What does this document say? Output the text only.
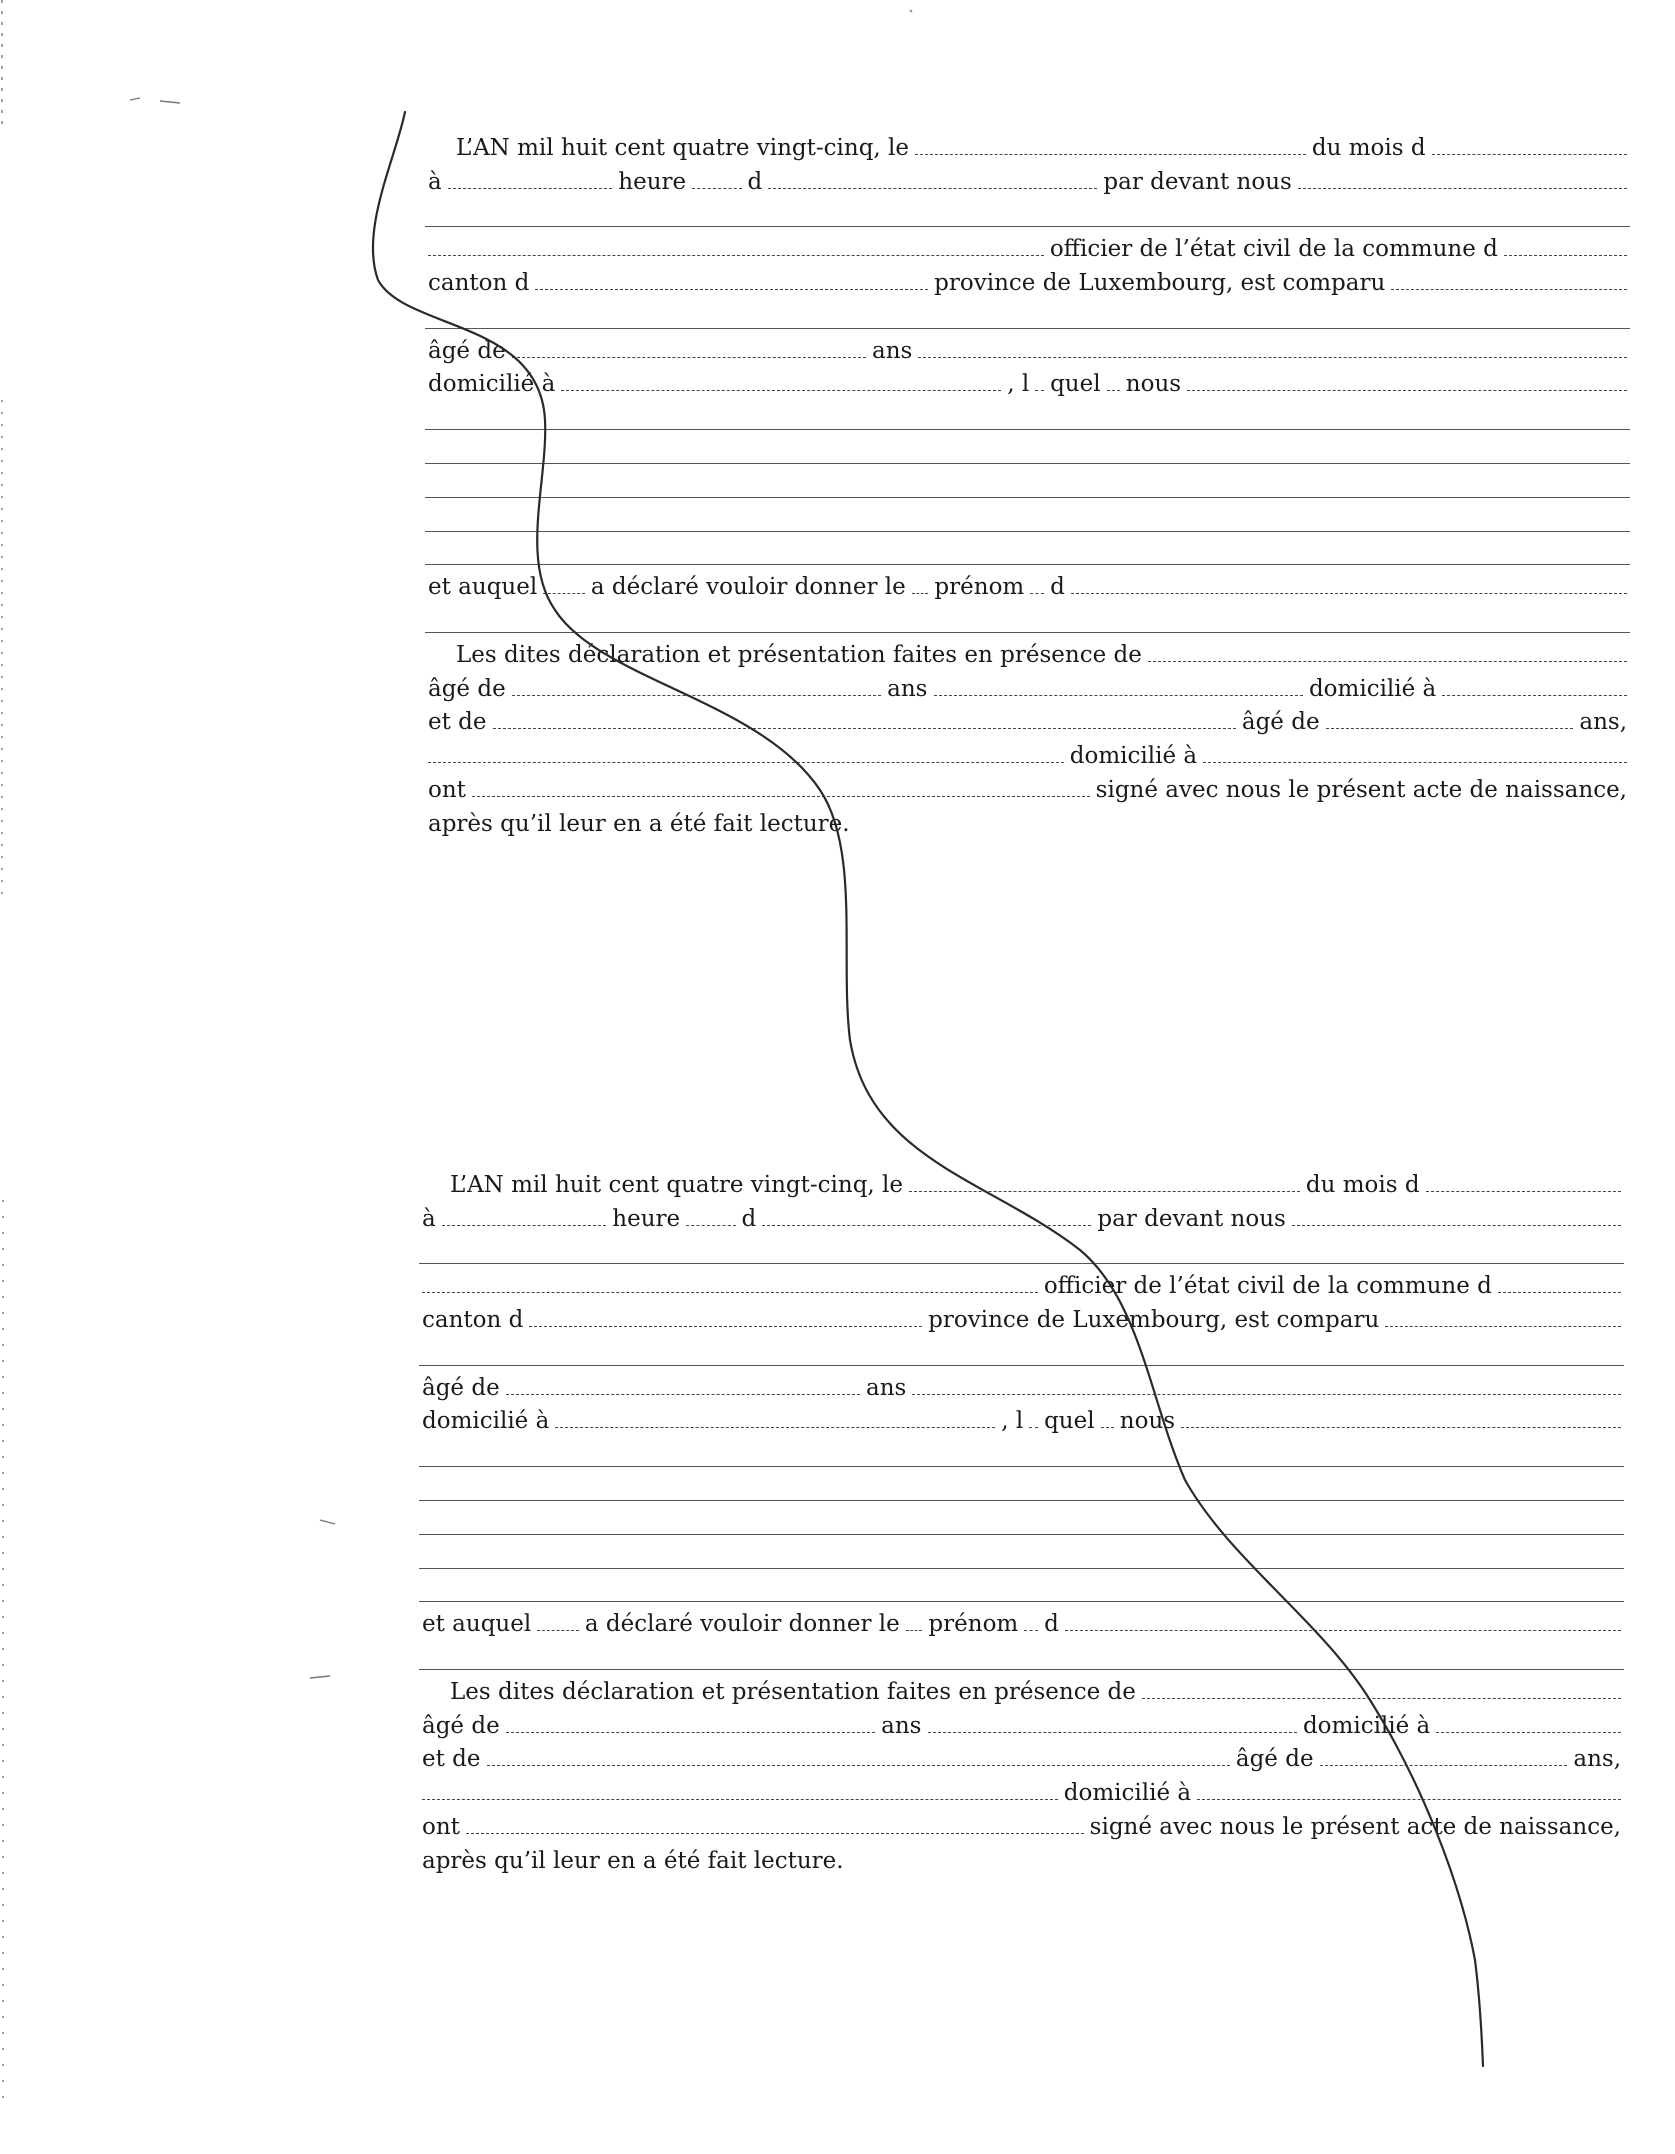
L’AN mil huit cent quatre vingt-cinq, le	du mois d
à	heure	d	par devant nous
officier de l’état civil de la commune d
canton d	province de Luxembourg, est comparu
âgé de	ans
domicilié à	, l quel nous
et auquel a déclaré vouloir donner le prénom d
Les dites déclaration et présentation faites en présence de
âgé de	ans	domicilié à
et de	âgé de	ans,
domicilié à
ont	signé avec nous le présent acte de naissance,
après qu’il leur en a été fait lecture.
L’AN mil huit cent quatre vingt-cinq, le	du mois d
à	heure	d	par devant nous
officier de l’état civil de la commune d
canton d	province de Luxembourg, est comparu
âgé de	ans
domicilié à	, l quel nous
et auquel a déclaré vouloir donner le prénom d
Les dites déclaration et présentation faites en présence de
âgé de	ans	domicilié à
et de	âgé de	ans,
domicilié à
ont	signé avec nous le présent acte de naissance,
après qu’il leur en a été fait lecture.
